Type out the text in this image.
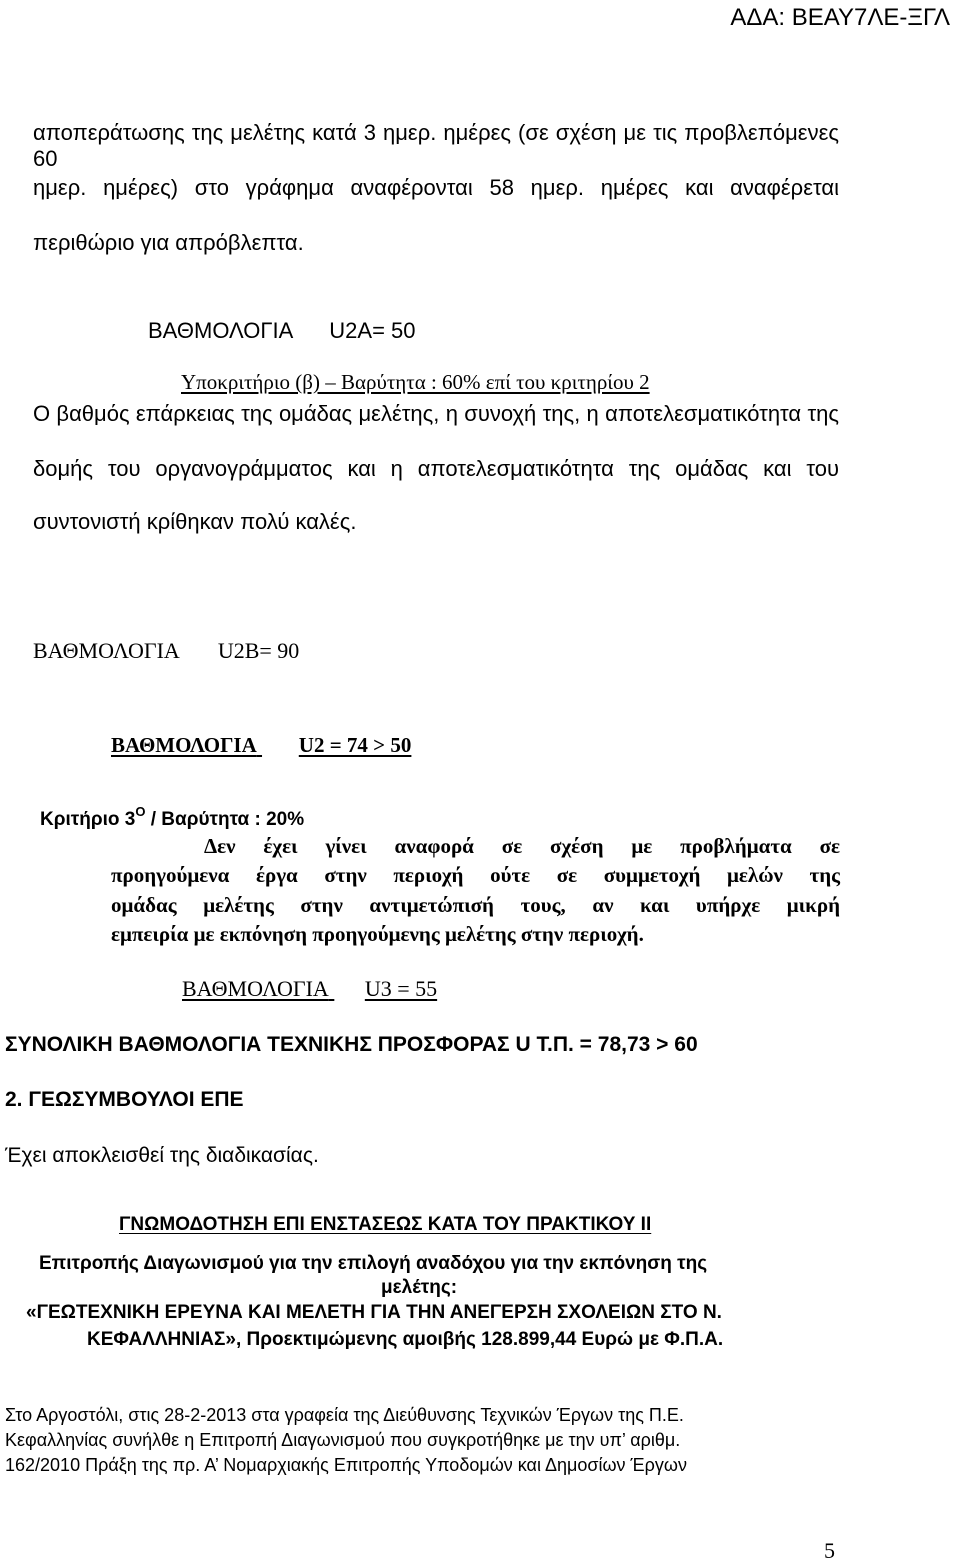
ΑΔΑ: ΒΕΑΥ7ΛΕ-ΞΓΛ
αποπεράτωσης της μελέτης κατά 3 ημερ. ημέρες (σε σχέση με τις προβλεπόμενες 60
ημερ. ημέρες) στο γράφημα αναφέρονται 58 ημερ. ημέρες και αναφέρεται
περιθώριο για απρόβλεπτα.
ΒΑΘΜΟΛΟΓΙΑ U2A= 50
Υποκριτήριο (β) – Βαρύτητα : 60% επί του κριτηρίου 2
Ο βαθμός επάρκειας της ομάδας μελέτης, η συνοχή της, η αποτελεσματικότητα της
δομής του οργανογράμματος και η αποτελεσματικότητα της ομάδας και του
συντονιστή κρίθηκαν πολύ καλές.
ΒΑΘΜΟΛΟΓΙΑ U2B= 90
ΒΑΘΜΟΛΟΓΙΑ U2 = 74 > 50
Κριτήριο $3^O$ / Βαρύτητα : 20%
Δεν έχει γίνει αναφορά σε σχέση με προβλήματα σε
προηγούμενα έργα στην περιοχή ούτε σε συμμετοχή μελών της
ομάδας μελέτης στην αντιμετώπισή τους, αν και υπήρχε μικρή
εμπειρία με εκπόνηση προηγούμενης μελέτης στην περιοχή.
ΒΑΘΜΟΛΟΓΙΑ U3 = 55
ΣΥΝΟΛΙΚΗ ΒΑΘΜΟΛΟΓΙΑ ΤΕΧΝΙΚΗΣ ΠΡΟΣΦΟΡΑΣ U Τ.Π. = 78,73 > 60
2. ΓΕΩΣΥΜΒΟΥΛΟΙ ΕΠΕ
Έχει αποκλεισθεί της διαδικασίας.
ΓΝΩΜΟΔΟΤΗΣΗ ΕΠΙ ΕΝΣΤΑΣΕΩΣ ΚΑΤΑ ΤΟΥ ΠΡΑΚΤΙΚΟΥ ΙΙ
Επιτροπής Διαγωνισμού για την επιλογή αναδόχου για την εκπόνηση της
μελέτης:
«ΓΕΩΤΕΧΝΙΚΗ ΕΡΕΥΝΑ ΚΑΙ ΜΕΛΕΤΗ ΓΙΑ ΤΗΝ ΑΝΕΓΕΡΣΗ ΣΧΟΛΕΙΩΝ ΣΤΟ Ν.
ΚΕΦΑΛΛΗΝΙΑΣ», Προεκτιμώμενης αμοιβής 128.899,44 Ευρώ με Φ.Π.Α.
Στο Αργοστόλι, στις 28-2-2013 στα γραφεία της Διεύθυνσης Τεχνικών Έργων της Π.Ε.
Κεφαλληνίας συνήλθε η Επιτροπή Διαγωνισμού που συγκροτήθηκε με την υπ’ αριθμ.
162/2010 Πράξη της πρ. Α’ Νομαρχιακής Επιτροπής Υποδομών και Δημοσίων Έργων
5
